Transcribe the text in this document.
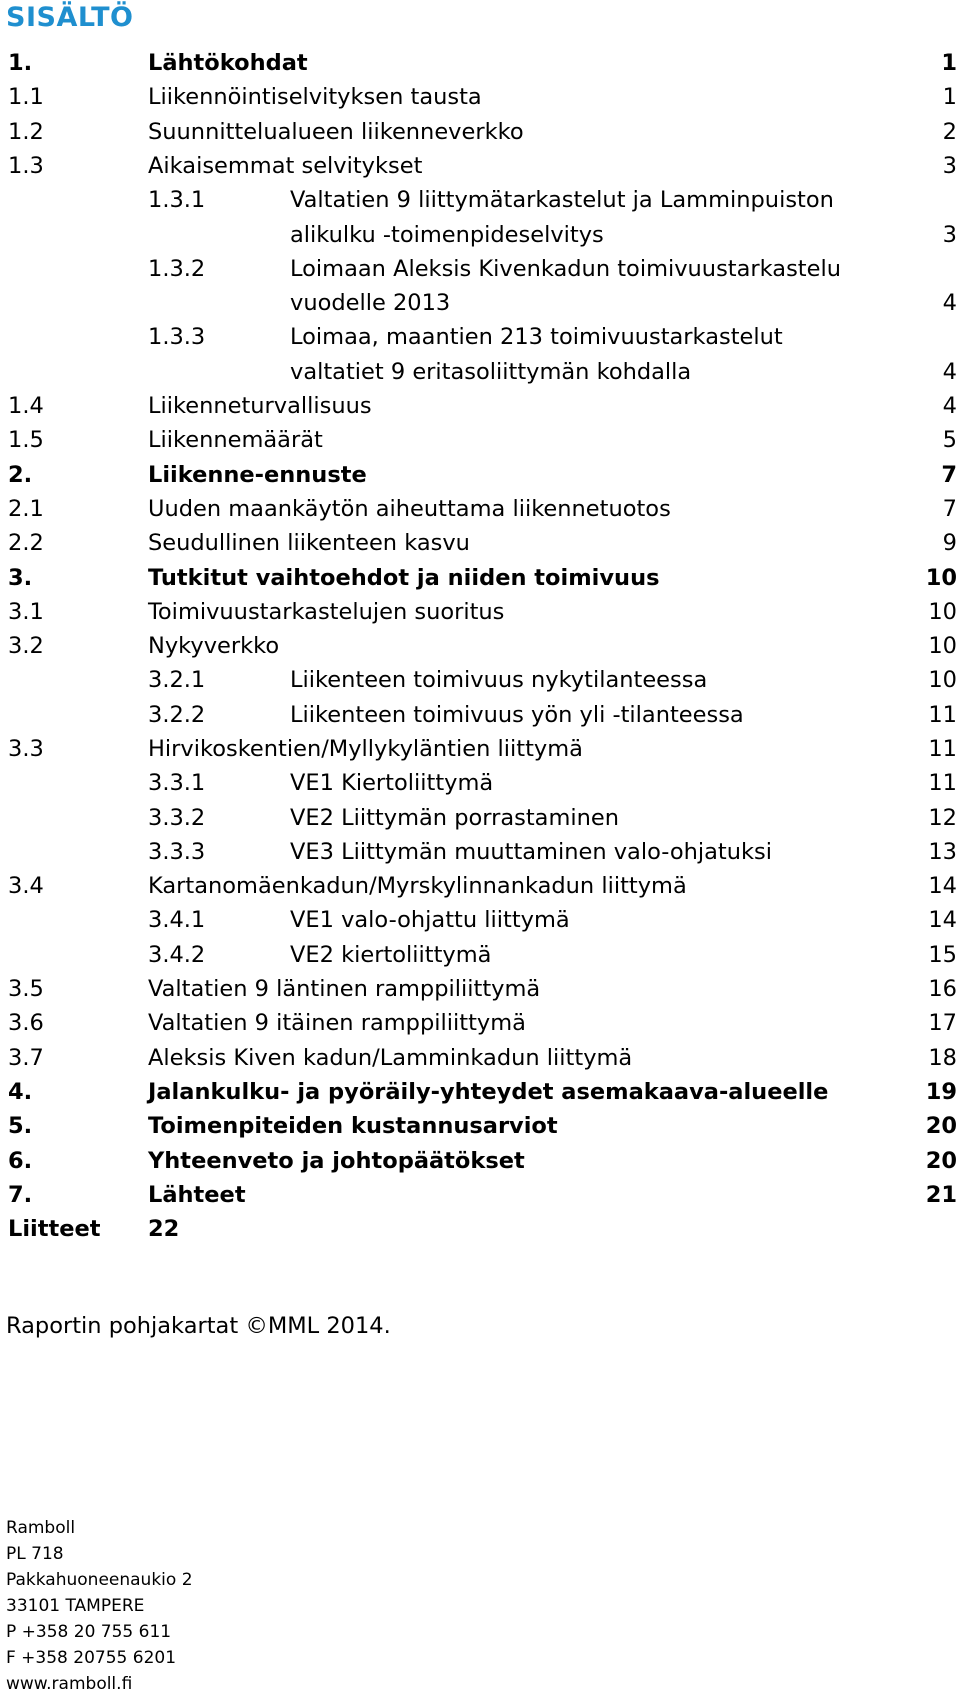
SISÄLTÖ
1.	Lähtökohdat	1
1.1	Liikennöintiselvityksen tausta	1
1.2	Suunnittelualueen liikenneverkko	2
1.3	Aikaisemmat selvitykset	3
1.3.1	Valtatien 9 liittymätarkastelut ja Lamminpuiston
alikulku -toimenpideselvitys	3
1.3.2	Loimaan Aleksis Kivenkadun toimivuustarkastelu
vuodelle 2013	4
1.3.3	Loimaa, maantien 213 toimivuustarkastelut
valtatiet 9 eritasoliittymän kohdalla	4
1.4	Liikenneturvallisuus	4
1.5	Liikennemäärät	5
2.	Liikenne-ennuste	7
2.1	Uuden maankäytön aiheuttama liikennetuotos	7
2.2	Seudullinen liikenteen kasvu	9
3.	Tutkitut vaihtoehdot ja niiden toimivuus	10
3.1	Toimivuustarkastelujen suoritus	10
3.2	Nykyverkko	10
3.2.1	Liikenteen toimivuus nykytilanteessa	10
3.2.2	Liikenteen toimivuus yön yli -tilanteessa	11
3.3	Hirvikoskentien/Myllykyläntien liittymä	11
3.3.1	VE1 Kiertoliittymä	11
3.3.2	VE2 Liittymän porrastaminen	12
3.3.3	VE3 Liittymän muuttaminen valo-ohjatuksi	13
3.4	Kartanomäenkadun/Myrskylinnankadun liittymä	14
3.4.1	VE1 valo-ohjattu liittymä	14
3.4.2	VE2 kiertoliittymä	15
3.5	Valtatien 9 läntinen ramppiliittymä	16
3.6	Valtatien 9 itäinen ramppiliittymä	17
3.7	Aleksis Kiven kadun/Lamminkadun liittymä	18
4.	Jalankulku- ja pyöräily-yhteydet asemakaava-alueelle	19
5.	Toimenpiteiden kustannusarviot	20
6.	Yhteenveto ja johtopäätökset	20
7.	Lähteet	21
Liitteet 22
Raportin pohjakartat ©MML 2014.
Ramboll
PL 718
Pakkahuoneenaukio 2
33101 TAMPERE
P +358 20 755 611
F +358 20755 6201
www.ramboll.fi
